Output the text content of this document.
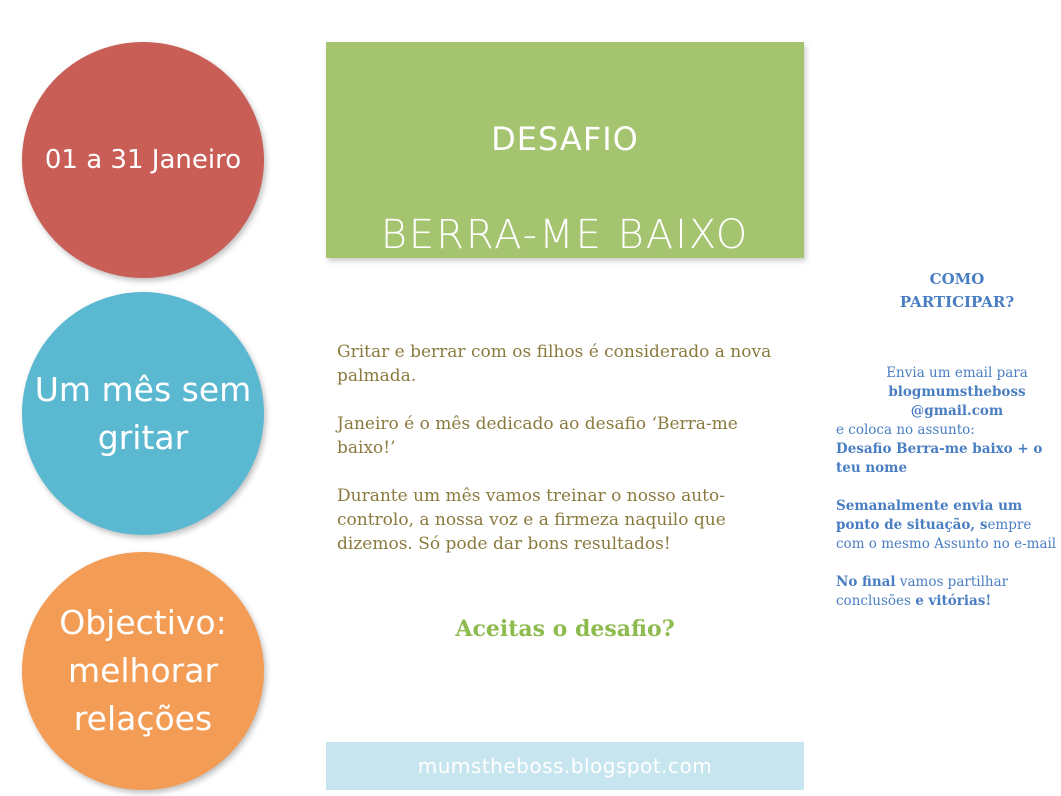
01 a 31 Janeiro
Um mês sem
gritar
Objectivo:
melhorar
relações
DESAFIO
BERRA-ME BAIXO

Gritar e berrar com os filhos é considerado a nova palmada.

Janeiro é o mês dedicado ao desafio ‘Berra-me baixo!’

Durante um mês vamos treinar o nosso auto-controlo, a nossa voz e a firmeza naquilo que dizemos. Só pode dar bons resultados!

Aceitas o desafio?
mumstheboss.blogspot.com
COMO
PARTICIPAR?
Envia um email para
blogmumstheboss
@gmail.com

e coloca no assunto:

Desafio Berra-me baixo + o teu nome

Semanalmente envia um ponto de situação, sempre com o mesmo Assunto no e-mail

No final vamos partilhar conclusões e vitórias!
